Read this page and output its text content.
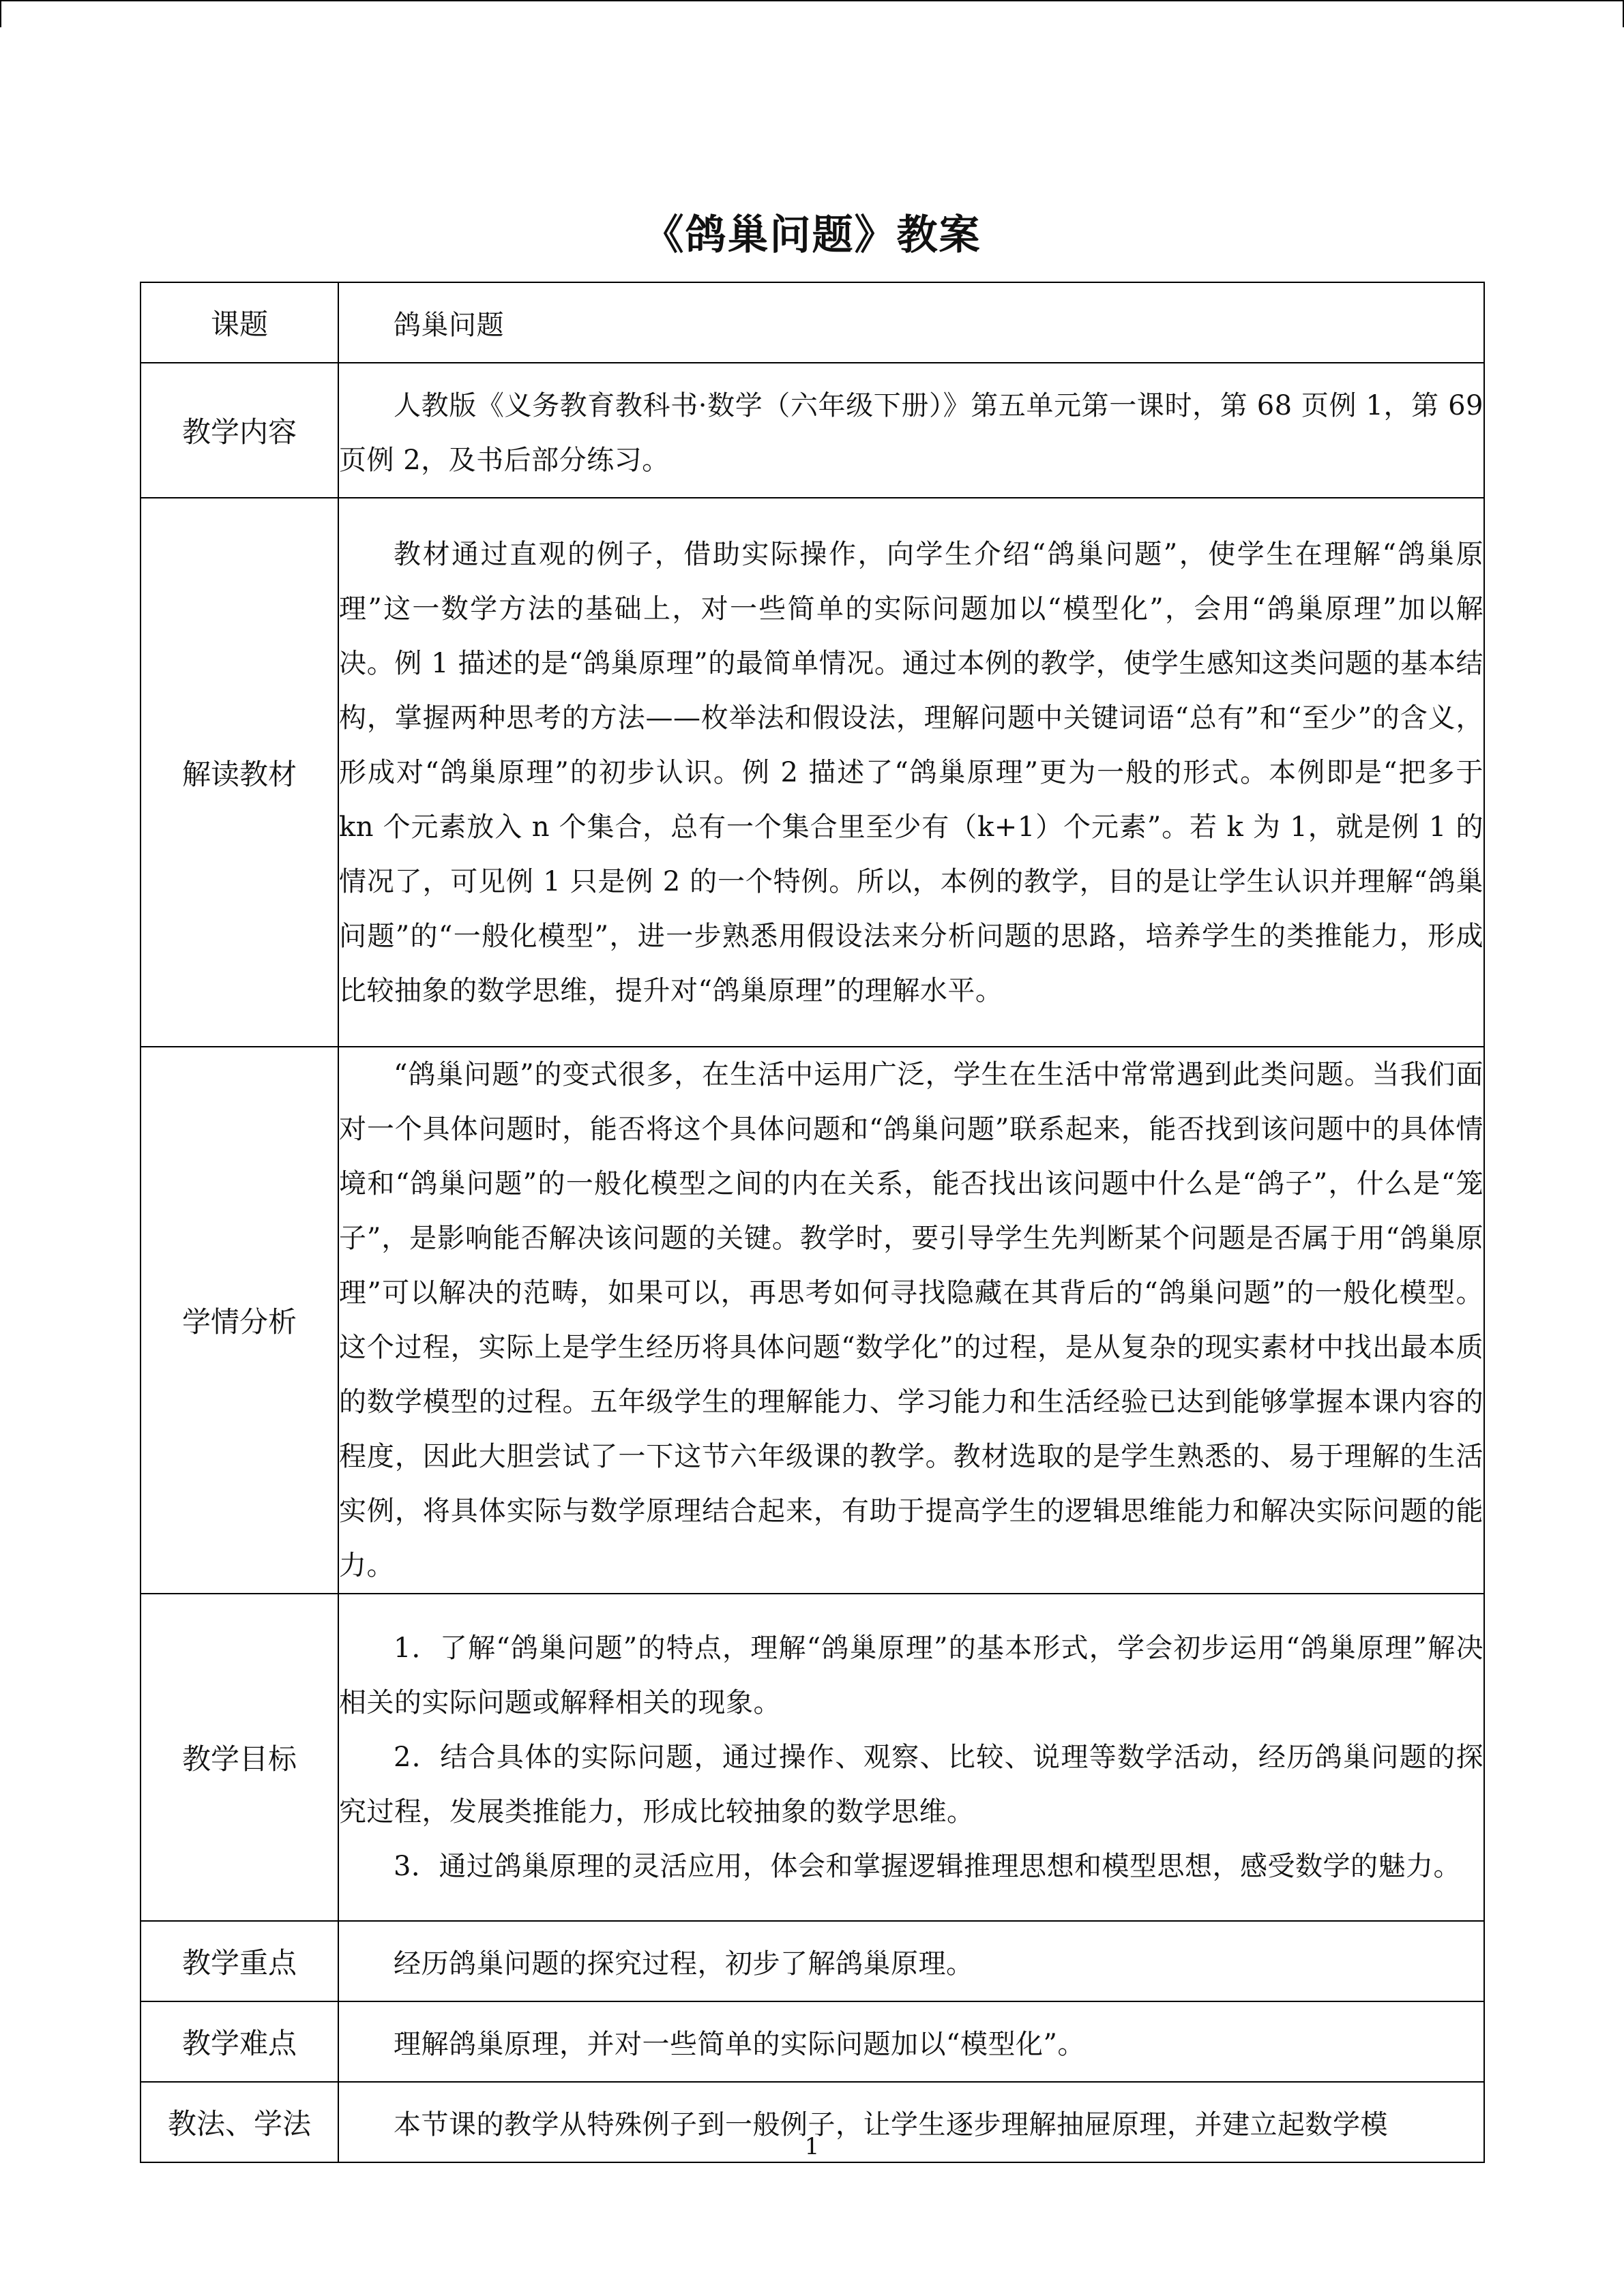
《鸽巢问题》教案
课题	鸽巢问题

教学内容	人教版《义务教育教科书·数学（六年级下册）》第五单元第一课时，第 68 页例 1，第 69 页例 2，及书后部分练习。

解读教材	教材通过直观的例子，借助实际操作，向学生介绍“鸽巢问题”，使学生在理解“鸽巢原理”这一数学方法的基础上，对一些简单的实际问题加以“模型化”，会用“鸽巢原理”加以解决。例 1 描述的是“鸽巢原理”的最简单情况。通过本例的教学，使学生感知这类问题的基本结构，掌握两种思考的方法——枚举法和假设法，理解问题中关键词语“总有”和“至少”的含义，形成对“鸽巢原理”的初步认识。例 2 描述了“鸽巢原理”更为一般的形式。本例即是“把多于 kn 个元素放入 n 个集合，总有一个集合里至少有（k+1）个元素”。若 k 为 1，就是例 1 的情况了，可见例 1 只是例 2 的一个特例。所以，本例的教学，目的是让学生认识并理解“鸽巢问题”的“一般化模型”，进一步熟悉用假设法来分析问题的思路，培养学生的类推能力，形成比较抽象的数学思维，提升对“鸽巢原理”的理解水平。

学情分析	“鸽巢问题”的变式很多，在生活中运用广泛，学生在生活中常常遇到此类问题。当我们面对一个具体问题时，能否将这个具体问题和“鸽巢问题”联系起来，能否找到该问题中的具体情境和“鸽巢问题”的一般化模型之间的内在关系，能否找出该问题中什么是“鸽子”，什么是“笼子”，是影响能否解决该问题的关键。教学时，要引导学生先判断某个问题是否属于用“鸽巢原理”可以解决的范畴，如果可以，再思考如何寻找隐藏在其背后的“鸽巢问题”的一般化模型。这个过程，实际上是学生经历将具体问题“数学化”的过程，是从复杂的现实素材中找出最本质的数学模型的过程。五年级学生的理解能力、学习能力和生活经验已达到能够掌握本课内容的程度，因此大胆尝试了一下这节六年级课的教学。教材选取的是学生熟悉的、易于理解的生活实例，将具体实际与数学原理结合起来，有助于提高学生的逻辑思维能力和解决实际问题的能力。

教学目标	1．了解“鸽巢问题”的特点，理解“鸽巢原理”的基本形式，学会初步运用“鸽巢原理”解决相关的实际问题或解释相关的现象。

2．结合具体的实际问题，通过操作、观察、比较、说理等数学活动，经历鸽巢问题的探究过程，发展类推能力，形成比较抽象的数学思维。

3．通过鸽巢原理的灵活应用，体会和掌握逻辑推理思想和模型思想，感受数学的魅力。

教学重点	经历鸽巢问题的探究过程，初步了解鸽巢原理。

教学难点	理解鸽巢原理，并对一些简单的实际问题加以“模型化”。

教法、学法	本节课的教学从特殊例子到一般例子，让学生逐步理解抽屉原理，并建立起数学模

1
